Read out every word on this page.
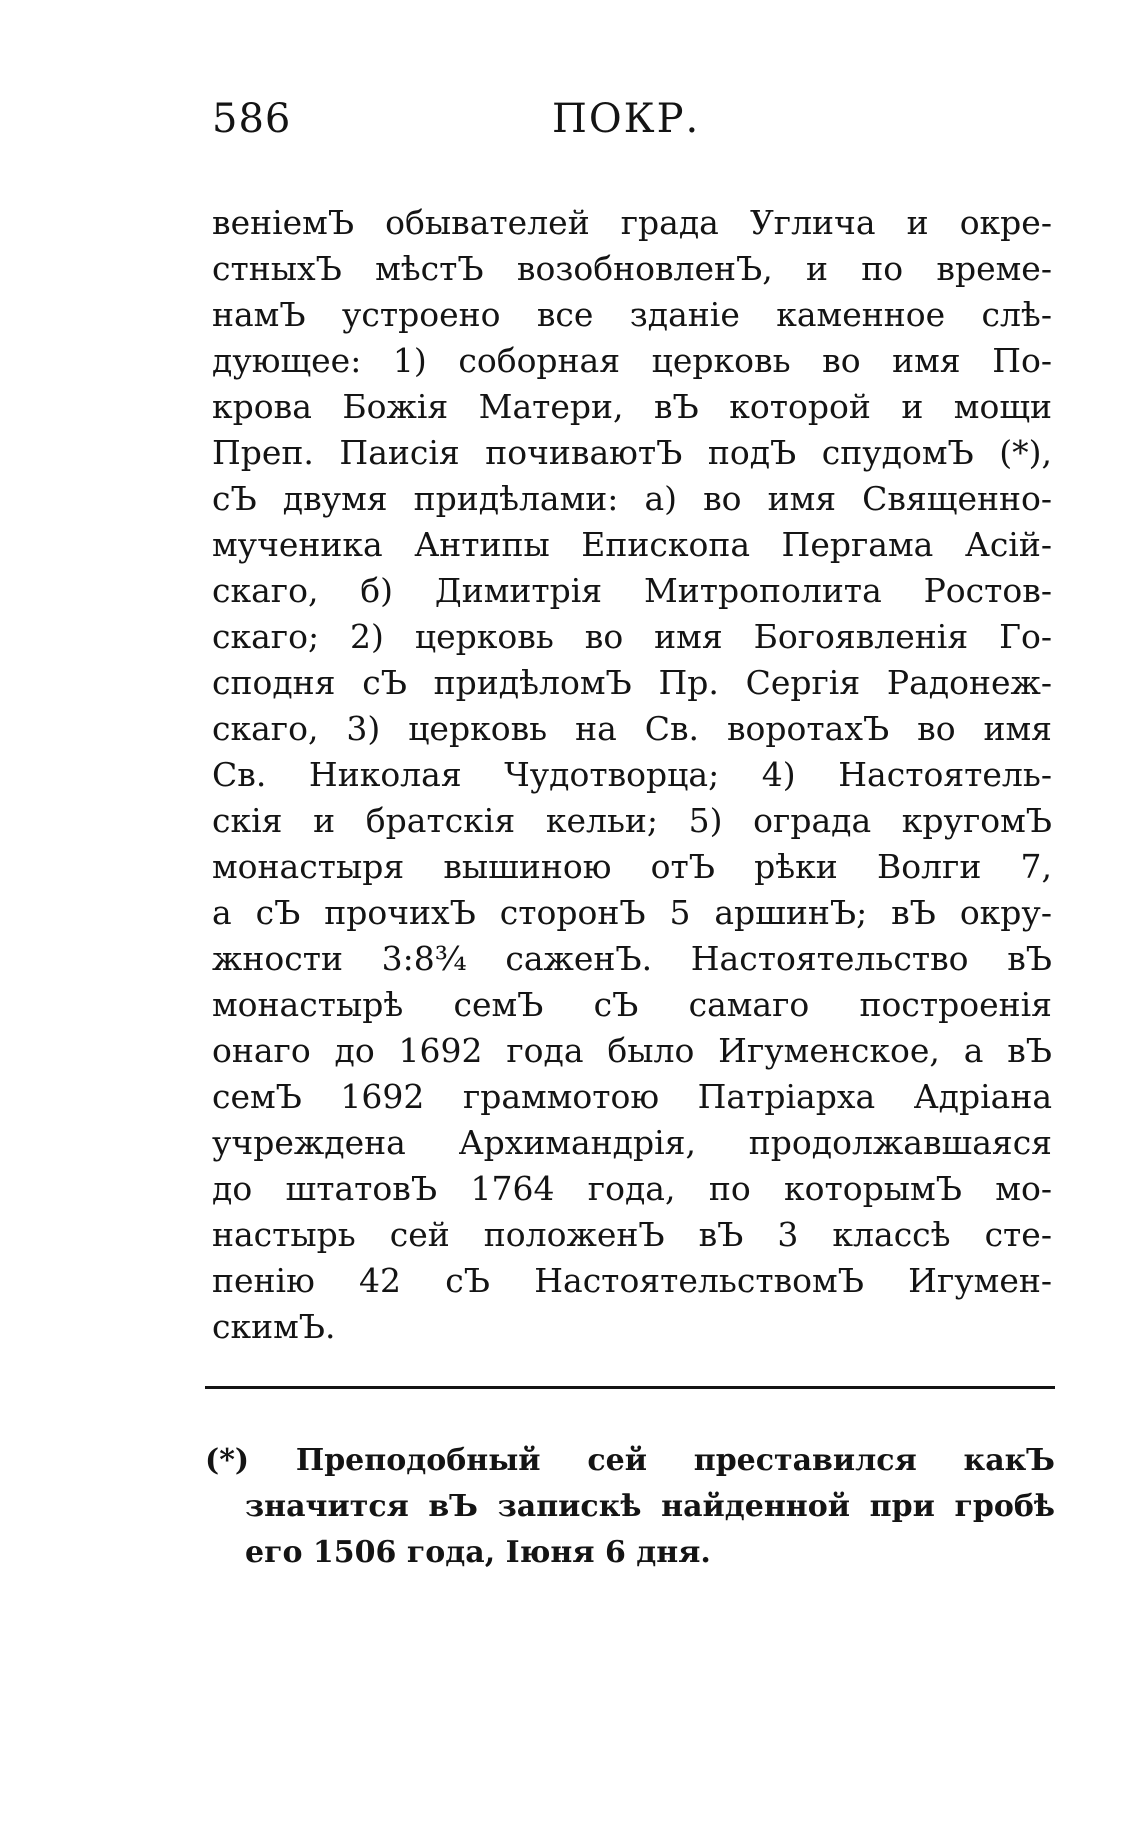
586	ПОКР.
веніемЪ обывателей града Углича и окре-
стныхЪ мѣстЪ возобновленЪ, и по време-
намЪ устроено все зданіе каменное слѣ-
дующее: 1) соборная церковь во имя По-
крова Божія Матери, вЪ которой и мощи
Преп. Паисія почиваютЪ подЪ спудомЪ (*),
сЪ двумя придѣлами: а) во имя Священно-
мученика Антипы Епископа Пергама Асій-
скаго, б) Димитрія Митрополита Ростов-
скаго; 2) церковь во имя Богоявленія Го-
сподня сЪ придѣломЪ Пр. Сергія Радонеж-
скаго, 3) церковь на Св. воротахЪ во имя
Св. Николая Чудотворца; 4) Настоятель-
скія и братскія кельи; 5) ограда кругомЪ
монастыря вышиною отЪ рѣки Волги 7,
а сЪ прочихЪ сторонЪ 5 аршинЪ; вЪ окру-
жности 3:8¾ саженЪ. Настоятельство вЪ
монастырѣ семЪ сЪ самаго построенія
онаго до 1692 года было Игуменское, а вЪ
семЪ 1692 граммотою Патріарха Адріана
учреждена Архимандрія, продолжавшаяся
до штатовЪ 1764 года, по которымЪ мо-
настырь сей положенЪ вЪ 3 классѣ сте-
пенію 42 сЪ НастоятельствомЪ Игумен-
скимЪ.
(*) Преподобный сей преставился какЪ
значится вЪ запискѣ найденной при гробѣ
его 1506 года, Іюня 6 дня.
